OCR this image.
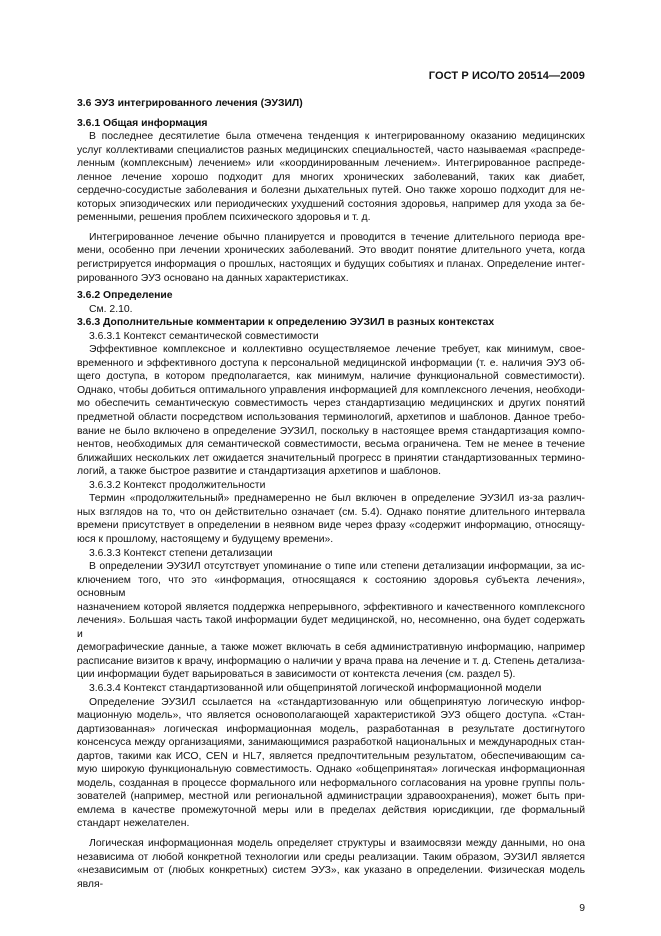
ГОСТ Р ИСО/ТО 20514—2009
3.6 ЭУЗ интегрированного лечения (ЭУЗИЛ)
3.6.1 Общая информация
В последнее десятилетие была отмечена тенденция к интегрированному оказанию медицинских
услуг коллективами специалистов разных медицинских специальностей, часто называемая «распреде-
ленным (комплексным) лечением» или «координированным лечением». Интегрированное распреде-
ленное лечение хорошо подходит для многих хронических заболеваний, таких как диабет,
сердечно-сосудистые заболевания и болезни дыхательных путей. Оно также хорошо подходит для не-
которых эпизодических или периодических ухудшений состояния здоровья, например для ухода за бе-
ременными, решения проблем психического здоровья и т. д.
Интегрированное лечение обычно планируется и проводится в течение длительного периода вре-
мени, особенно при лечении хронических заболеваний. Это вводит понятие длительного учета, когда
регистрируется информация о прошлых, настоящих и будущих событиях и планах. Определение интег-
рированного ЭУЗ основано на данных характеристиках.
3.6.2 Определение
См. 2.10.
3.6.3 Дополнительные комментарии к определению ЭУЗИЛ в разных контекстах
3.6.3.1 Контекст семантической совместимости
Эффективное комплексное и коллективно осуществляемое лечение требует, как минимум, свое-
временного и эффективного доступа к персональной медицинской информации (т. е. наличия ЭУЗ об-
щего доступа, в котором предполагается, как минимум, наличие функциональной совместимости).
Однако, чтобы добиться оптимального управления информацией для комплексного лечения, необходи-
мо обеспечить семантическую совместимость через стандартизацию медицинских и других понятий
предметной области посредством использования терминологий, архетипов и шаблонов. Данное требо-
вание не было включено в определение ЭУЗИЛ, поскольку в настоящее время стандартизация компо-
нентов, необходимых для семантической совместимости, весьма ограничена. Тем не менее в течение
ближайших нескольких лет ожидается значительный прогресс в принятии стандартизованных термино-
логий, а также быстрое развитие и стандартизация архетипов и шаблонов.
3.6.3.2 Контекст продолжительности
Термин «продолжительный» преднамеренно не был включен в определение ЭУЗИЛ из-за различ-
ных взглядов на то, что он действительно означает (см. 5.4). Однако понятие длительного интервала
времени присутствует в определении в неявном виде через фразу «содержит информацию, относящу-
юся к прошлому, настоящему и будущему времени».
3.6.3.3 Контекст степени детализации
В определении ЭУЗИЛ отсутствует упоминание о типе или степени детализации информации, за ис-
ключением того, что это «информация, относящаяся к состоянию здоровья субъекта лечения», основным
назначением которой является поддержка непрерывного, эффективного и качественного комплексного
лечения». Большая часть такой информации будет медицинской, но, несомненно, она будет содержать и
демографические данные, а также может включать в себя административную информацию, например
расписание визитов к врачу, информацию о наличии у врача права на лечение и т. д. Степень детализа-
ции информации будет варьироваться в зависимости от контекста лечения (см. раздел 5).
3.6.3.4 Контекст стандартизованной или общепринятой логической информационной модели
Определение ЭУЗИЛ ссылается на «стандартизованную или общепринятую логическую инфор-
мационную модель», что является основополагающей характеристикой ЭУЗ общего доступа. «Стан-
дартизованная» логическая информационная модель, разработанная в результате достигнутого
консенсуса между организациями, занимающимися разработкой национальных и международных стан-
дартов, такими как ИСО, CEN и HL7, является предпочтительным результатом, обеспечивающим са-
мую широкую функциональную совместимость. Однако «общепринятая» логическая информационная
модель, созданная в процессе формального или неформального согласования на уровне группы поль-
зователей (например, местной или региональной администрации здравоохранения), может быть при-
емлема в качестве промежуточной меры или в пределах действия юрисдикции, где формальный
стандарт нежелателен.
Логическая информационная модель определяет структуры и взаимосвязи между данными, но она
независима от любой конкретной технологии или среды реализации. Таким образом, ЭУЗИЛ является
«независимым от (любых конкретных) систем ЭУЗ», как указано в определении. Физическая модель явля-
9
